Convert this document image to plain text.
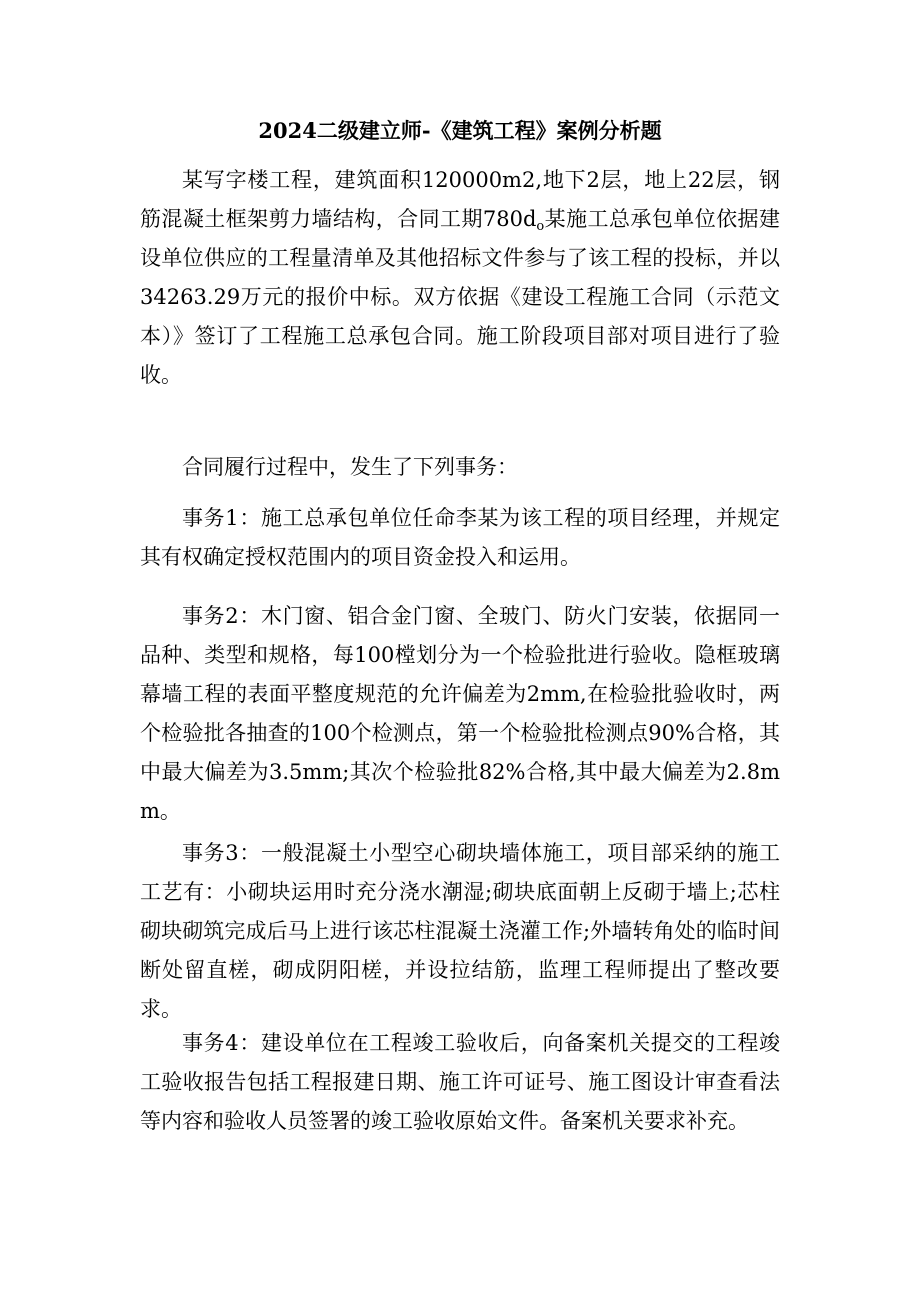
2024二级建立师-《建筑工程》案例分析题

某写字楼工程，建筑面积120000m2,地下2层，地上22层，钢筋混凝土框架剪力墙结构，合同工期$780d_o$某施工总承包单位依据建设单位供应的工程量清单及其他招标文件参与了该工程的投标，并以34263.29万元的报价中标。双方依据《建设工程施工合同（示范文本）》签订了工程施工总承包合同。施工阶段项目部对项目进行了验收。

合同履行过程中，发生了下列事务：

事务1：施工总承包单位任命李某为该工程的项目经理，并规定其有权确定授权范围内的项目资金投入和运用。

事务2：木门窗、铝合金门窗、全玻门、防火门安装，依据同一品种、类型和规格，每100樘划分为一个检验批进行验收。隐框玻璃幕墙工程的表面平整度规范的允许偏差为2mm,在检验批验收时，两个检验批各抽查的100个检测点，第一个检验批检测点90%合格，其中最大偏差为3.5mm;其次个检验批82%合格,其中最大偏差为2.8mm。

事务3：一般混凝土小型空心砌块墙体施工，项目部采纳的施工工艺有：小砌块运用时充分浇水潮湿;砌块底面朝上反砌于墙上;芯柱砌块砌筑完成后马上进行该芯柱混凝土浇灌工作;外墙转角处的临时间断处留直槎，砌成阴阳槎，并设拉结筋，监理工程师提出了整改要求。

事务4：建设单位在工程竣工验收后，向备案机关提交的工程竣工验收报告包括工程报建日期、施工许可证号、施工图设计审查看法等内容和验收人员签署的竣工验收原始文件。备案机关要求补充。
